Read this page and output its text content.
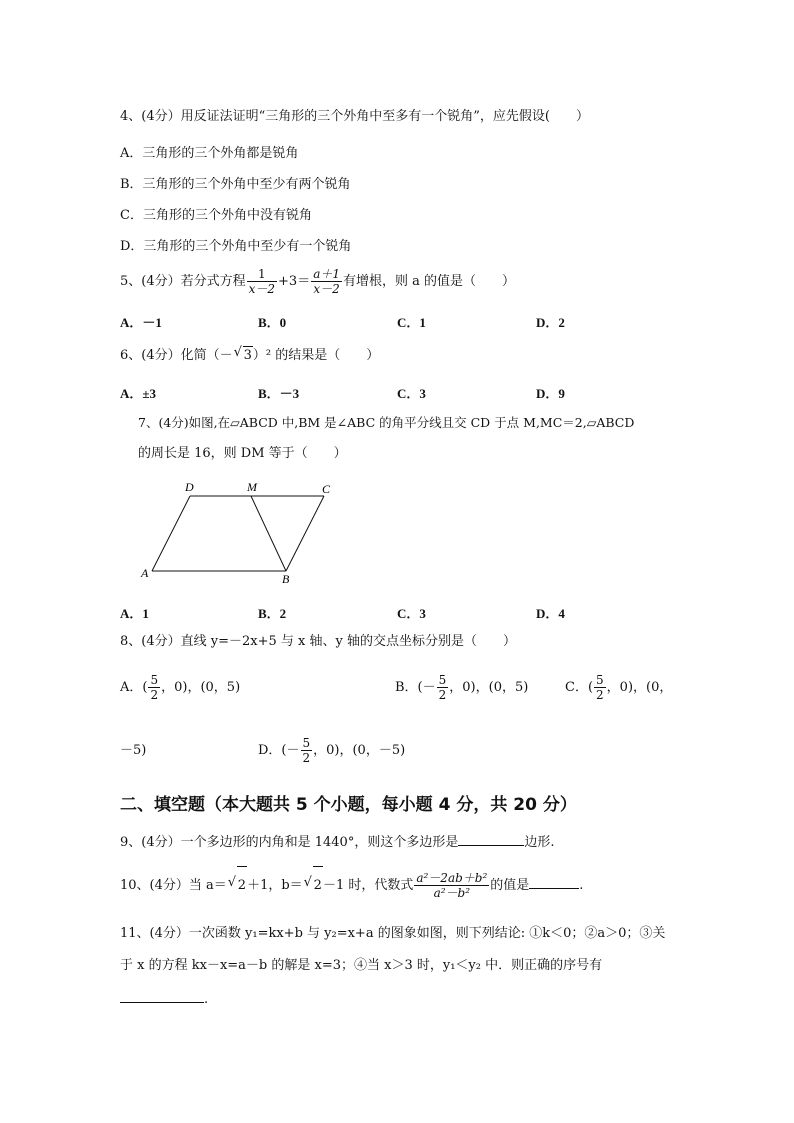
4、(4分）用反证法证明“三角形的三个外角中至多有一个锐角”，应先假设(　　）
A．三角形的三个外角都是锐角
B．三角形的三个外角中至少有两个锐角
C．三角形的三个外角中没有锐角
D．三角形的三个外角中至少有一个锐角
5、(4分）若分式方程 $\frac{1}{x-2} +3= \frac{a+1}{x-2}$ 有增根，则 a 的值是（　　）
A．－1	B．0	C．1	D．2
6、(4分）化简（－ √ 3）² 的结果是（　　）
A．±3	B．－3	C．3	D．9
7、(4分)如图,在▱ABCD 中,BM 是∠ABC 的角平分线且交 CD 于点 M,MC＝2,▱ABCD
的周长是 16，则 DM 等于（　　）
D	M	C
A	B
A．1	B．2	C．3	D．4
8、(4分）直线 y=－2x+5 与 x 轴、y 轴的交点坐标分别是（　　）
A．( $\frac{5}{2}$ ，0)，(0，5)	B．(－ $\frac{5}{2}$ ，0)，(0，5)	C．( $\frac{5}{2}$ ，0)，(0，
－5)	D．(－ $\frac{5}{2}$ ，0)，(0，－5)
二、填空题（本大题共 5 个小题，每小题 4 分，共 20 分）
9、(4分）一个多边形的内角和是 1440°，则这个多边形是	边形.
10、(4分）当 a＝ √ 2＋1，b＝ √ 2－1 时，代数式 $\frac{\text{a²－2ab＋b²}}{\text{a²－b²}}$ 的值是	.
11、(4分）一次函数 y₁=kx+b 与 y₂=x+a 的图象如图，则下列结论: ①k＜0；②a＞0；③关
于 x 的方程 kx－x=a－b 的解是 x=3；④当 x＞3 时，y₁＜y₂ 中．则正确的序号有
.
